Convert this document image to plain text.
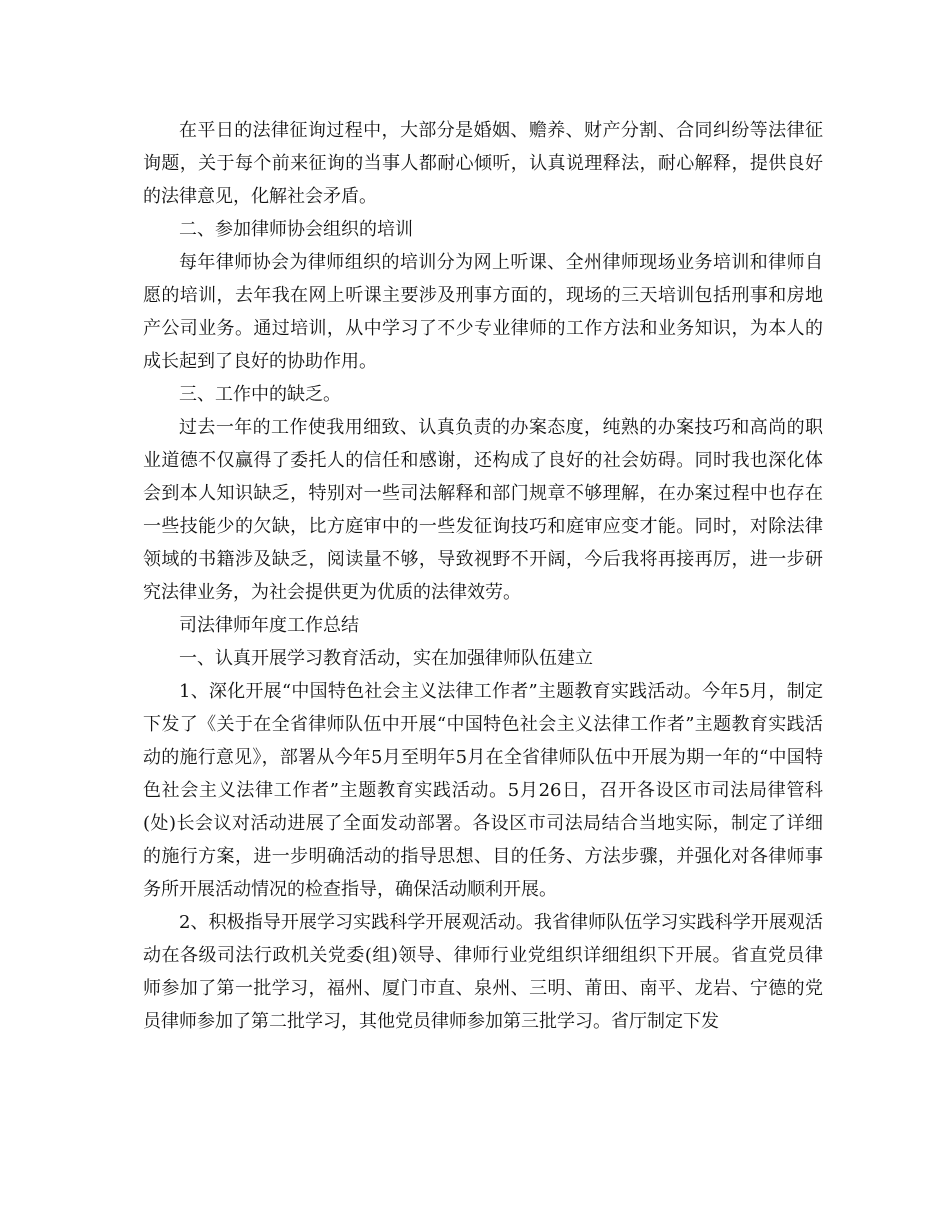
在平日的法律征询过程中，大部分是婚姻、赡养、财产分割、合同纠纷等法律征询题，关于每个前来征询的当事人都耐心倾听，认真说理释法，耐心解释，提供良好的法律意见，化解社会矛盾。

二、参加律师协会组织的培训

每年律师协会为律师组织的培训分为网上听课、全州律师现场业务培训和律师自愿的培训，去年我在网上听课主要涉及刑事方面的，现场的三天培训包括刑事和房地产公司业务。通过培训，从中学习了不少专业律师的工作方法和业务知识，为本人的成长起到了良好的协助作用。

三、工作中的缺乏。

过去一年的工作使我用细致、认真负责的办案态度，纯熟的办案技巧和高尚的职业道德不仅赢得了委托人的信任和感谢，还构成了良好的社会妨碍。同时我也深化体会到本人知识缺乏，特别对一些司法解释和部门规章不够理解，在办案过程中也存在一些技能少的欠缺，比方庭审中的一些发征询技巧和庭审应变才能。同时，对除法律领域的书籍涉及缺乏，阅读量不够，导致视野不开阔，今后我将再接再厉，进一步研究法律业务，为社会提供更为优质的法律效劳。

司法律师年度工作总结

一、认真开展学习教育活动，实在加强律师队伍建立

1、深化开展“中国特色社会主义法律工作者”主题教育实践活动。今年5月，制定下发了《关于在全省律师队伍中开展“中国特色社会主义法律工作者”主题教育实践活动的施行意见》，部署从今年5月至明年5月在全省律师队伍中开展为期一年的“中国特色社会主义法律工作者”主题教育实践活动。5月26日，召开各设区市司法局律管科(处)长会议对活动进展了全面发动部署。各设区市司法局结合当地实际，制定了详细的施行方案，进一步明确活动的指导思想、目的任务、方法步骤，并强化对各律师事务所开展活动情况的检查指导，确保活动顺利开展。

2、积极指导开展学习实践科学开展观活动。我省律师队伍学习实践科学开展观活动在各级司法行政机关党委(组)领导、律师行业党组织详细组织下开展。省直党员律师参加了第一批学习，福州、厦门市直、泉州、三明、莆田、南平、龙岩、宁德的党员律师参加了第二批学习，其他党员律师参加第三批学习。省厅制定下发
